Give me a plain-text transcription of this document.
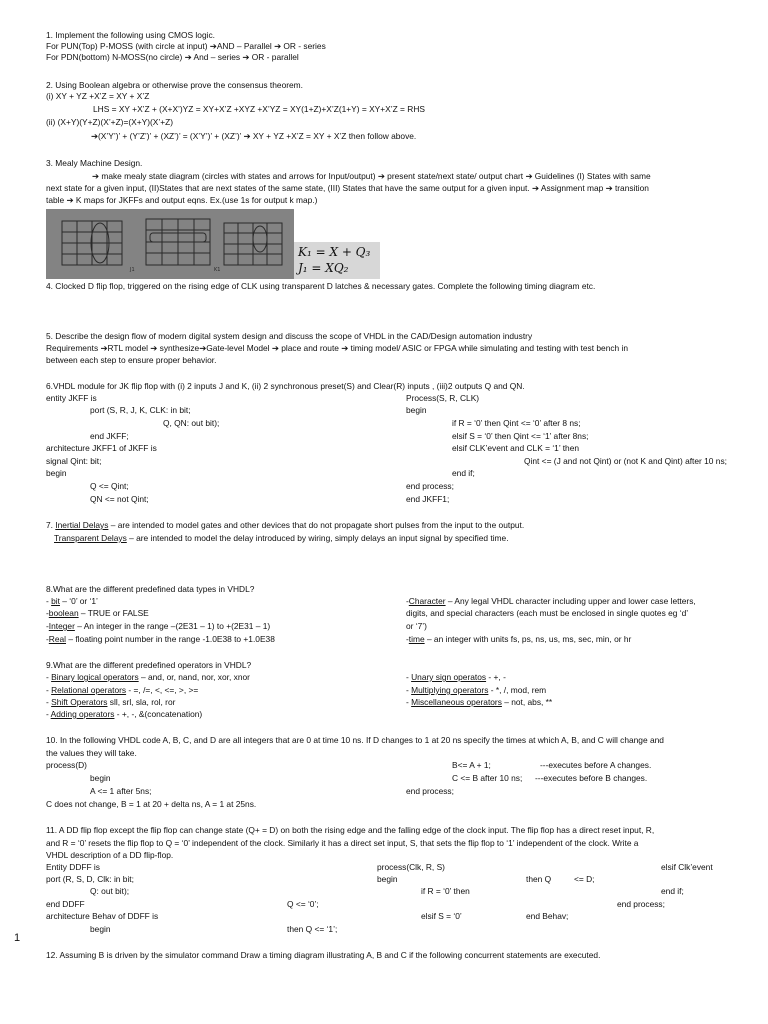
1. Implement the following using CMOS logic.
For PUN(Top) P-MOSS (with circle at input) ➔AND – Parallel ➔ OR - series
For PDN(bottom) N-MOSS(no circle) ➔ And – series ➔ OR - parallel
2. Using Boolean algebra or otherwise prove the consensus theorem.
(i) XY + YZ +X’Z = XY + X’Z
LHS = XY +X’Z + (X+X’)YZ = XY+X’Z +XYZ +X’YZ = XY(1+Z)+X’Z(1+Y) = XY+X’Z = RHS
(ii) (X+Y)(Y+Z)(X’+Z)=(X+Y)(X’+Z)
➔(X’Y’)’ + (Y’Z’)’ + (XZ’)’ = (X’Y’)’ + (XZ’)’ ➔ XY + YZ +X’Z = XY + X’Z then follow above.
3. Mealy Machine Design.
➔ make mealy state diagram (circles with states and arrows for Input/output) ➔ present state/next state/ output chart ➔ Guidelines (I) States with same
next state for a given input, (II)States that are next states of the same state, (III) States that have the same output for a given input. ➔ Assignment map ➔ transition
table ➔ K maps for JKFFs and output eqns. Ex.(use 1s for output k map.)
J1	K1
K₁ = X + Q₃
J₁ = XQ₂
4. Clocked D flip flop, triggered on the rising edge of CLK using transparent D latches & necessary gates. Complete the following timing diagram etc.
5. Describe the design flow of modern digital system design and discuss the scope of VHDL in the CAD/Design automation industry
Requirements ➔RTL model ➔ synthesize➔Gate-level Model ➔ place and route ➔ timing model/ ASIC or FPGA while simulating and testing with test bench in
between each step to ensure proper behavior.
6.VHDL module for JK flip flop with (i) 2 inputs J and K, (ii) 2 synchronous preset(S) and Clear(R) inputs , (iii)2 outputs Q and QN.
entity JKFF is
port (S, R, J, K, CLK: in bit;
Q, QN: out bit);
end JKFF;
architecture JKFF1 of JKFF is
signal Qint: bit;
begin
Q <= Qint;
QN <= not Qint;
Process(S, R, CLK)
begin
if R = ‘0’ then Qint <= ‘0’ after 8 ns;
elsif S = ‘0’ then Qint <= ‘1’ after 8ns;
elsif CLK’event and CLK = ‘1’ then
Qint <= (J and not Qint) or (not K and Qint) after 10 ns;
end if;
end process;
end JKFF1;
7. Inertial Delays – are intended to model gates and other devices that do not propagate short pulses from the input to the output.
Transparent Delays – are intended to model the delay introduced by wiring, simply delays an input signal by specified time.
8.What are the different predefined data types in VHDL?
- bit – ‘0’ or ‘1’
-boolean – TRUE or FALSE
-Integer – An integer in the range –(2E31 – 1) to +(2E31 – 1)
-Real – floating point number in the range -1.0E38 to +1.0E38
-Character – Any legal VHDL character including upper and lower case letters,
digits, and special characters (each must be enclosed in single quotes eg ‘d’
or ‘7’)
-time – an integer with units fs, ps, ns, us, ms, sec, min, or hr
9.What are the different predefined operators in VHDL?
- Binary logical operators – and, or, nand, nor, xor, xnor
- Relational operators - =, /=, <, <=, >, >=
- Shift Operators sll, srl, sla, rol, ror
- Adding operators - +, -, &(concatenation)
- Unary sign operatos - +, -
- Multiplying operators - *, /, mod, rem
- Miscellaneous operators – not, abs, **
10. In the following VHDL code A, B, C, and D are all integers that are 0 at time 10 ns. If D changes to 1 at 20 ns specify the times at which A, B, and C will change and
the values they will take.
process(D)
begin
A <= 1 after 5ns;
C does not change, B = 1 at 20 + delta ns, A = 1 at 25ns.
B<= A + 1;	---executes before A changes.
C <= B after 10 ns; ---executes before B changes.
end process;
11. A DD flip flop except the flip flop can change state (Q+ = D) on both the rising edge and the falling edge of the clock input. The flip flop has a direct reset input, R,
and R = ‘0’ resets the flip flop to Q = ‘0’ independent of the clock. Similarly it has a direct set input, S, that sets the flip flop to ‘1’ independent of the clock. Write a
VHDL description of a DD flip-flop.
Entity DDFF is
port (R, S, D, Clk: in bit;
Q: out bit);
end DDFF
architecture Behav of DDFF is
begin
Q <= ‘0’;
then Q <= ‘1’;
process(Clk, R, S)
begin
if R = ‘0’ then
elsif S = ‘0’
then Q	<= D;
end Behav;
elsif Clk’event
end if;
end process;
1
12. Assuming B is driven by the simulator command Draw a timing diagram illustrating A, B and C if the following concurrent statements are executed.
